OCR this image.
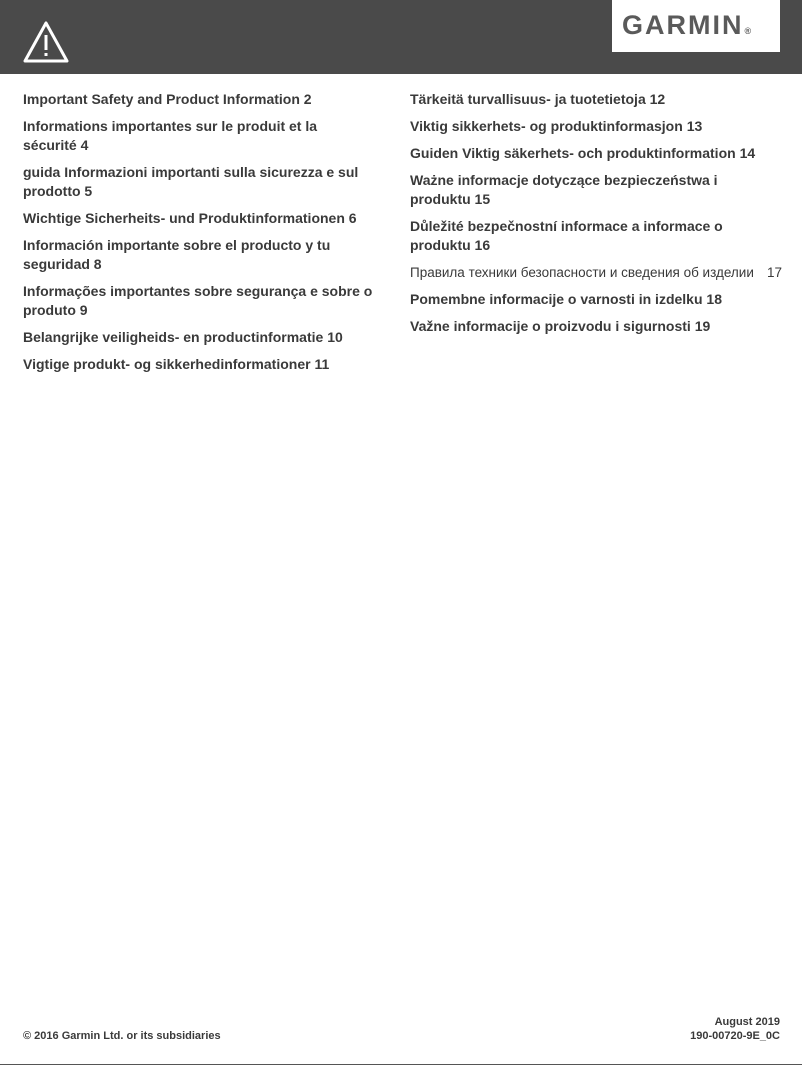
GARMIN®
Important Safety and Product Information 2
Informations importantes sur le produit et la sécurité 4
guida Informazioni importanti sulla sicurezza e sul prodotto 5
Wichtige Sicherheits- und Produktinformationen 6
Información importante sobre el producto y tu seguridad 8
Informações importantes sobre segurança e sobre o produto 9
Belangrijke veiligheids- en productinformatie 10
Vigtige produkt- og sikkerhedinformationer 11
Tärkeitä turvallisuus- ja tuotetietoja 12
Viktig sikkerhets- og produktinformasjon 13
Guiden Viktig säkerhets- och produktinformation 14
Ważne informacje dotyczące bezpieczeństwa i produktu 15
Důležité bezpečnostní informace a informace o produktu 16
Правила техники безопасности и сведения об изделии 17
Pomembne informacije o varnosti in izdelku 18
Važne informacije o proizvodu i sigurnosti 19
© 2016 Garmin Ltd. or its subsidiaries
August 2019
190-00720-9E_0C
